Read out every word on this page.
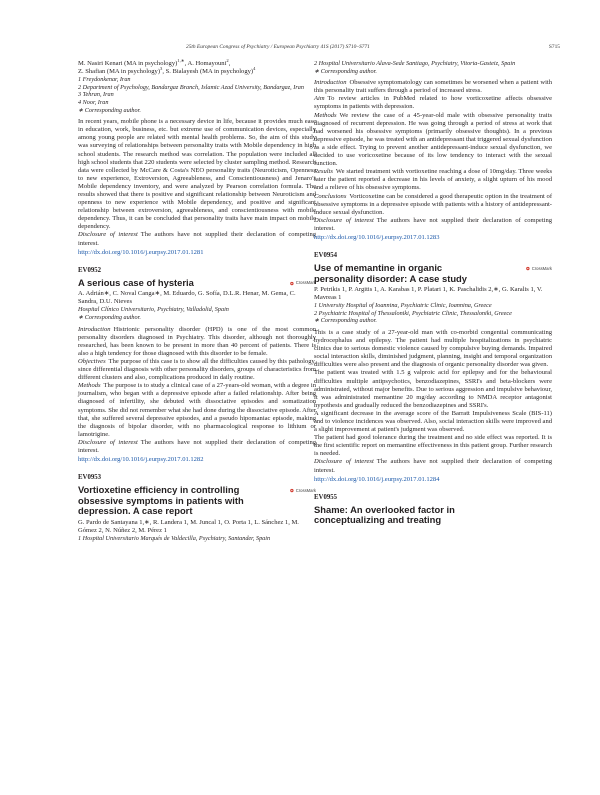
25th European Congress of Psychiatry / European Psychiatry 41S (2017) S710–S771	S715
M. Nasiri Kenari (MA in psychology)$^{1,∗}$, A. Homayouni$^2$,
Z. Shafian (MA in psychology)$^3$, S. Bialayesh (MA in psychology)$^4$
1 Freydonkenar, Iran
2 Department of Psychology, Bandargaz Branch, Islamic Azad University, Bandargaz, Iran
3 Tehran, Iran
4 Noor, Iran
∗ Corresponding author.

In recent years, mobile phone is a necessary device in life, because it provides much ease in education, work, business, etc. but extreme use of communication devices, especially among young people are related with mental health problems. So, the aim of this study was surveying of relationships between personality traits with Mobile dependency in high school students. The research method was correlation. The population were included all high school students that 220 students were selected by cluster sampling method. Research data were collected by McCare & Costa's NEO personality traits (Neuroticism, Openness to new experience, Extroversion, Agreeableness, and Conscientiousness) and Jenaro's Mobile dependency inventory, and were analyzed by Pearson correlation formula. The results showed that there is positive and significant relationship between Neuroticism and openness to new experience with Mobile dependency, and positive and significant relationship between extroversion, agreeableness, and conscientiousness with mobile dependency. Thus, it can be concluded that personality traits have main impact on mobile dependency.

Disclosure of interest The authors have not supplied their declaration of competing interest.

http://dx.doi.org/10.1016/j.eurpsy.2017.01.1281
EV0952
A serious case of hysteria	CrossMark
A. Adrián∗, C. Noval Canga∗, M. Eduardo, G. Sofía, D.L.R. Henar, M. Gema, C. Sandra, D.U. Nieves
Hospital Clínico Universitario, Psychiatry, Valladolid, Spain
∗ Corresponding author.

Introduction Histrionic personality disorder (HPD) is one of the most common personality disorders diagnosed in Psychiatry. This disorder, although not thoroughly researched, has been known to be present in more than 40 percent of patients. There is also a high tendency for those diagnosed with this disorder to be female.

Objectives The purpose of this case is to show all the difficulties caused by this pathology, since differential diagnosis with other personality disorders, groups of characteristics from different clusters and also, complications produced in daily routine.

Methods The purpose is to study a clinical case of a 27-years-old woman, with a degree in journalism, who began with a depressive episode after a failed relationship. After being diagnosed of infertility, she debuted with dissociative episodes and somatization symptoms. She did not remember what she had done during the dissociative episode. After that, she suffered several depressive episodes, and a pseudo hipomaniac episode, making the diagnosis of bipolar disorder, with no pharmacological response to lithium or lamotrigine.

Disclosure of interest The authors have not supplied their declaration of competing interest.

http://dx.doi.org/10.1016/j.eurpsy.2017.01.1282
EV0953
Vortioxetine efficiency in controlling obsessive symptoms in patients with depression. A case report
CrossMark
G. Pardo de Santayana 1,∗, R. Landera 1, M. Juncal 1, O. Porta 1, L. Sánchez 1, M. Gómez 2, N. Núñez 2, M. Pérez 1
1 Hospital Universitario Marqués de Valdecilla, Psychiatry, Santander, Spain
2 Hospital Universitario Alava-Sede Santiago, Psychiatry, Vitoria-Gasteiz, Spain
∗ Corresponding author.

Introduction Obsessive symptomatology can sometimes be worsened when a patient with this personality trait suffers through a period of increased stress.

Aim To review articles in PubMed related to how vorticoxetine affects obsessive symptoms in patients with depression.

Methods We review the case of a 45-year-old male with obsessive personality traits diagnosed of recurrent depression. He was going through a period of stress at work that had worsened his obsessive symptoms (primarily obsessive thoughts). In a previous depressive episode, he was treated with an antidepressant that triggered sexual dysfunction as a side effect. Trying to prevent another antidepressant-induce sexual dysfunction, we decided to use voricoxetine because of its low tendency to interact with the sexual function.

Results We started treatment with vortioxetine reaching a dose of 10mg/day. Three weeks later the patient reported a decrease in his levels of anxiety, a slight upturn of his mood and a relieve of his obsessive symptoms.

Conclusions Vorticoxetine can be considered a good therapeutic option in the treatment of obsessive symptoms in a depressive episode with patients with a history of antidepressant-induce sexual dysfunction.

Disclosure of interest The authors have not supplied their declaration of competing interest.

http://dx.doi.org/10.1016/j.eurpsy.2017.01.1283
EV0954
Use of memantine in organic personality disorder: A case study
CrossMark
P. Petrikis 1, P. Argitis 1, A. Karabas 1, P. Platari 1, K. Paschalidis 2,∗, G. Karalis 1, V. Mavreas 1
1 University Hospital of Ioannina, Psychiatric Clinic, Ioannina, Greece
2 Psychiatric Hospital of Thessaloniki, Psychiatric Clinic, Thessaloniki, Greece
∗ Corresponding author.

This is a case study of a 27-year-old man with co-morbid congenital communicating hydrocephalus and epilepsy. The patient had multiple hospitalizations in psychiatric clinics due to serious domestic violence caused by compulsive buying demands. Impaired social interaction skills, diminished judgment, planning, insight and temporal organization difficulties were also present and the diagnosis of organic personality disorder was given.

The patient was treated with 1.5 g valproic acid for epilepsy and for the behavioural difficulties multiple antipsychotics, benzodiazepines, SSRI's and beta-blockers were administrated, without major benefits. Due to serious aggression and impulsive behaviour, it was administrated memantine 20 mg/day according to NMDA receptor antagonist hypothesis and gradually reduced the benzodiazepines and SSRI's.

A significant decrease in the average score of the Barratt Impulsiveness Scale (BIS-11) and to violence incidences was observed. Also, social interaction skills were improved and a slight improvement at patient's judgment was observed.

The patient had good tolerance during the treatment and no side effect was reported. It is the first scientific report on memantine effectiveness in this patient group. Further research is needed.

Disclosure of interest The authors have not supplied their declaration of competing interest.

http://dx.doi.org/10.1016/j.eurpsy.2017.01.1284
EV0955
Shame: An overlooked factor in conceptualizing and treating
